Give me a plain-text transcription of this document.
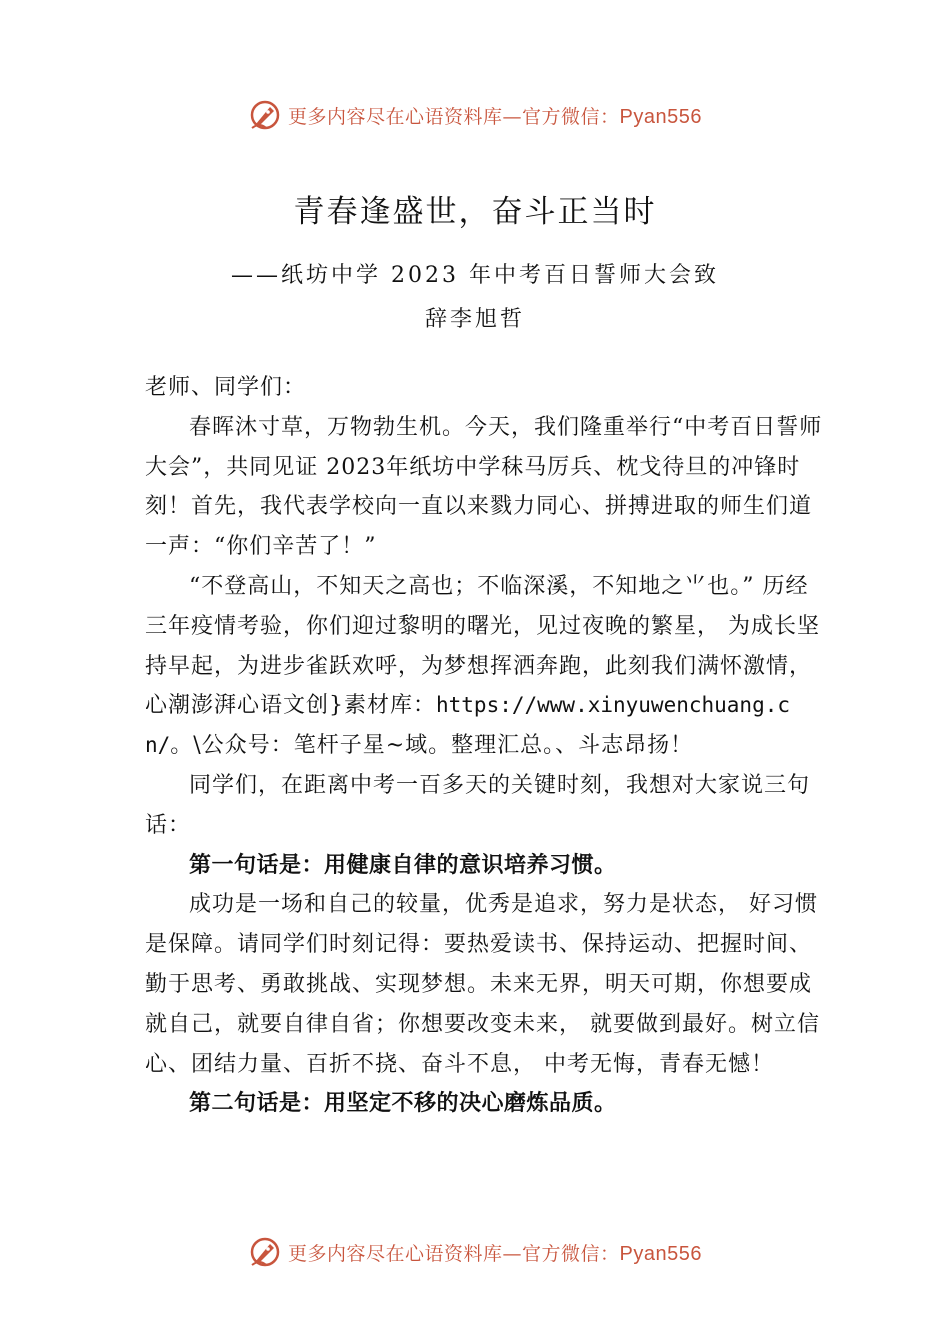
更多内容尽在心语资料库—官方微信：Pyan556
青春逢盛世，奋斗正当时
——纸坊中学 2023 年中考百日誓师大会致
辞李旭哲

老师、同学们：

春晖沐寸草，万物勃生机。今天，我们隆重举行“中考百日誓师大会”，共同见证 2023年纸坊中学秣马厉兵、枕戈待旦的冲锋时刻！首先，我代表学校向一直以来戮力同心、拼搏进取的师生们道一声：“你们辛苦了！”

“不登高山，不知天之高也；不临深溪，不知地之⺌也。” 历经三年疫情考验，你们迎过黎明的曙光，见过夜晚的繁星， 为成长坚持早起，为进步雀跃欢呼，为梦想挥洒奔跑，此刻我们满怀激情，心潮澎湃心语文创}素材库：https://www.xinyuwenchuang.cn/。\公众号：笔杆子星~域。整理汇总。、斗志昂扬！

同学们，在距离中考一百多天的关键时刻，我想对大家说三句话：

第一句话是：用健康自律的意识培养习惯。

成功是一场和自己的较量，优秀是追求，努力是状态， 好习惯是保障。请同学们时刻记得：要热爱读书、保持运动、把握时间、勤于思考、勇敢挑战、实现梦想。未来无界，明天可期，你想要成就自己，就要自律自省；你想要改变未来， 就要做到最好。树立信心、团结力量、百折不挠、奋斗不息， 中考无悔，青春无憾！

第二句话是：用坚定不移的决心磨炼品质。

更多内容尽在心语资料库—官方微信：Pyan556
